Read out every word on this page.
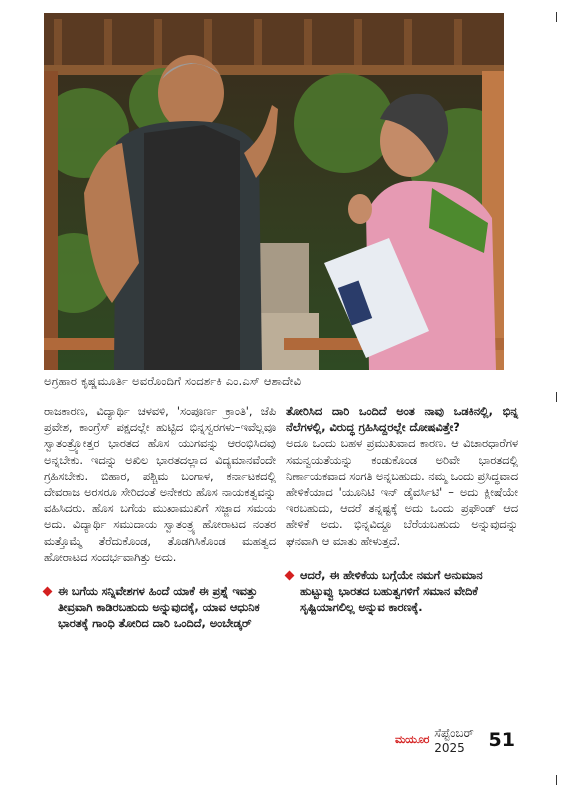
ಅಗ್ರಹಾರ ಕೃಷ್ಣಮೂರ್ತಿ ಅವರೊಂದಿಗೆ ಸಂದರ್ಶಕಿ ಎಂ.ಎಸ್ ಆಶಾದೇವಿ

ರಾಜಕಾರಣ, ವಿದ್ಯಾರ್ಥಿ ಚಳವಳಿ, 'ಸಂಪೂರ್ಣ ಕ್ರಾಂತಿ', ಜೆಪಿ ಪ್ರವೇಶ, ಕಾಂಗ್ರೆಸ್ ಪಕ್ಷದಲ್ಲೇ ಹುಟ್ಟಿದ ಭಿನ್ನಸ್ವರಗಳು–ಇವೆಲ್ಲವೂ ಸ್ವಾತಂತ್ರ್ಯೋತ್ತರ ಭಾರತದ ಹೊಸ ಯುಗವನ್ನು ಆರಂಭಿಸಿದವು ಅನ್ನಬೇಕು. ಇದನ್ನು ಅಖಿಲ ಭಾರತದಲ್ಲಾದ ವಿದ್ಯಮಾನವೆಂದೇ ಗ್ರಹಿಸಬೇಕು. ಬಿಹಾರ, ಪಶ್ಚಿಮ ಬಂಗಾಳ, ಕರ್ನಾಟಕದಲ್ಲಿ ದೇವರಾಜ ಅರಸರೂ ಸೇರಿದಂತೆ ಅನೇಕರು ಹೊಸ ನಾಯಕತ್ವವನ್ನು ವಹಿಸಿದರು. ಹೊಸ ಬಗೆಯ ಮುಖಾಮುಖಿಗೆ ಸಜ್ಜಾದ ಸಮಯ ಅದು. ವಿದ್ಯಾರ್ಥಿ ಸಮುದಾಯ ಸ್ವಾತಂತ್ರ್ಯ ಹೋರಾಟದ ನಂತರ ಮತ್ತೊಮ್ಮೆ ತೆರೆದುಕೊಂಡ, ತೊಡಗಿಸಿಕೊಂಡ ಮಹತ್ವದ ಹೋರಾಟದ ಸಂದರ್ಭವಾಗಿತ್ತು ಅದು.

ಈ ಬಗೆಯ ಸನ್ನಿವೇಶಗಳ ಹಿಂದೆ ಯಾಕೆ ಈ ಪ್ರಶ್ನೆ ಇವತ್ತು ತೀವ್ರವಾಗಿ ಕಾಡಿರಬಹುದು ಅನ್ನುವುದಕ್ಕೆ, ಯಾವ ಆಧುನಿಕ ಭಾರತಕ್ಕೆ ಗಾಂಧಿ ತೋರಿದ ದಾರಿ ಒಂದಿದೆ, ಅಂಬೇಡ್ಕರ್

ತೋರಿಸಿದ ದಾರಿ ಒಂದಿದೆ ಅಂತ ನಾವು ಒಡಕಿನಲ್ಲಿ, ಭಿನ್ನ ನೆಲೆಗಳಲ್ಲಿ, ವಿರುದ್ಧ ಗ್ರಹಿಸಿದ್ದರಲ್ಲೇ ದೋಷವಿತ್ತೇ?

ಅದೂ ಒಂದು ಬಹಳ ಪ್ರಮುಖವಾದ ಕಾರಣ. ಆ ವಿಚಾರಧಾರೆಗಳ ಸಮನ್ವಯತೆಯನ್ನು ಕಂಡುಕೊಂಡ ಅರಿವೇ ಭಾರತದಲ್ಲಿ ನಿರ್ಣಾಯಕವಾದ ಸಂಗತಿ ಅನ್ನಬಹುದು. ನಮ್ಮ ಒಂದು ಪ್ರಸಿದ್ಧವಾದ ಹೇಳಿಕೆಯಾದ 'ಯೂನಿಟಿ ಇನ್ ಡೈವರ್ಸಿಟಿ' – ಅದು ಕ್ಲೀಷೆಯೇ ಇರಬಹುದು, ಆದರೆ ತನ್ನಷ್ಟಕ್ಕೆ ಅದು ಒಂದು ಪ್ರಫೌಂಡ್ ಆದ ಹೇಳಿಕೆ ಅದು. ಭಿನ್ನವಿದ್ದೂ ಬೆರೆಯಬಹುದು ಅನ್ನುವುದನ್ನು ಘನವಾಗಿ ಆ ಮಾತು ಹೇಳುತ್ತದೆ.

ಆದರೆ, ಈ ಹೇಳಿಕೆಯ ಬಗ್ಗೆಯೇ ನಮಗೆ ಅನುಮಾನ ಹುಟ್ಟುವ್ವು ಭಾರತದ ಬಹುತ್ವಗಳಿಗೆ ಸಮಾನ ವೇದಿಕೆ ಸೃಷ್ಟಿಯಾಗಲಿಲ್ಲ ಅನ್ನುವ ಕಾರಣಕ್ಕೆ.
ಮಯೂರ ಸೆಪ್ಟೆಂಬರ್ 2025	51
